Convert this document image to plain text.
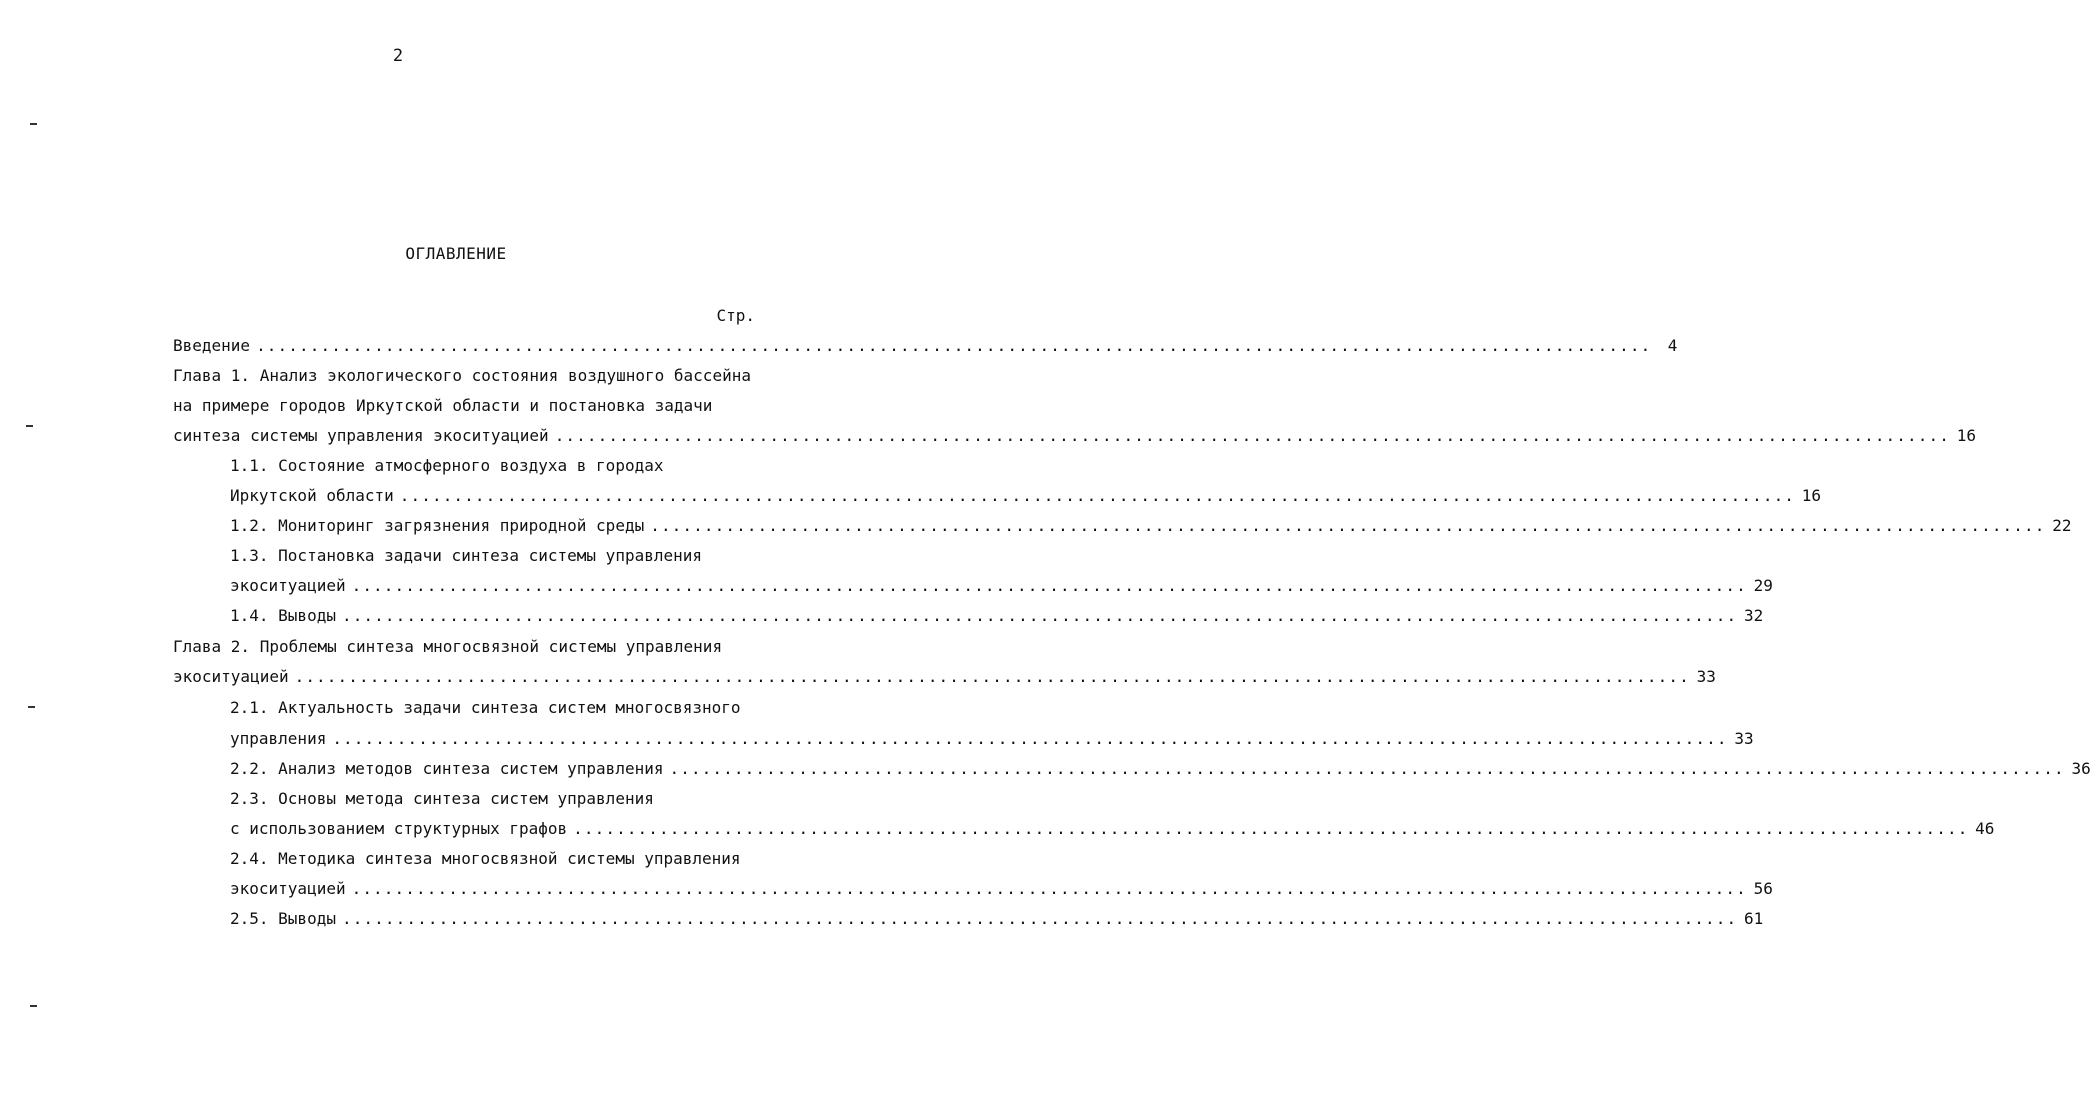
2
ОГЛАВЛЕНИЕ
Стр.
Введение ..................................................................................................................................	4
Глава 1. Анализ экологического состояния воздушного бассейна
на примере городов Иркутской области и постановка задачи
синтеза системы управления экоситуацией .................................................................................................................................. 16
1.1. Состояние атмосферного воздуха в городах
Иркутской области .................................................................................................................................. 16
1.2. Мониторинг загрязнения природной среды .................................................................................................................................. 22
1.3. Постановка задачи синтеза системы управления
экоситуацией .................................................................................................................................. 29
1.4. Выводы .................................................................................................................................. 32
Глава 2. Проблемы синтеза многосвязной системы управления
экоситуацией .................................................................................................................................. 33
2.1. Актуальность задачи синтеза систем многосвязного
управления .................................................................................................................................. 33
2.2. Анализ методов синтеза систем управления .................................................................................................................................. 36
2.3. Основы метода синтеза систем управления
с использованием структурных графов .................................................................................................................................. 46
2.4. Методика синтеза многосвязной системы управления
экоситуацией .................................................................................................................................. 56
2.5. Выводы .................................................................................................................................. 61
